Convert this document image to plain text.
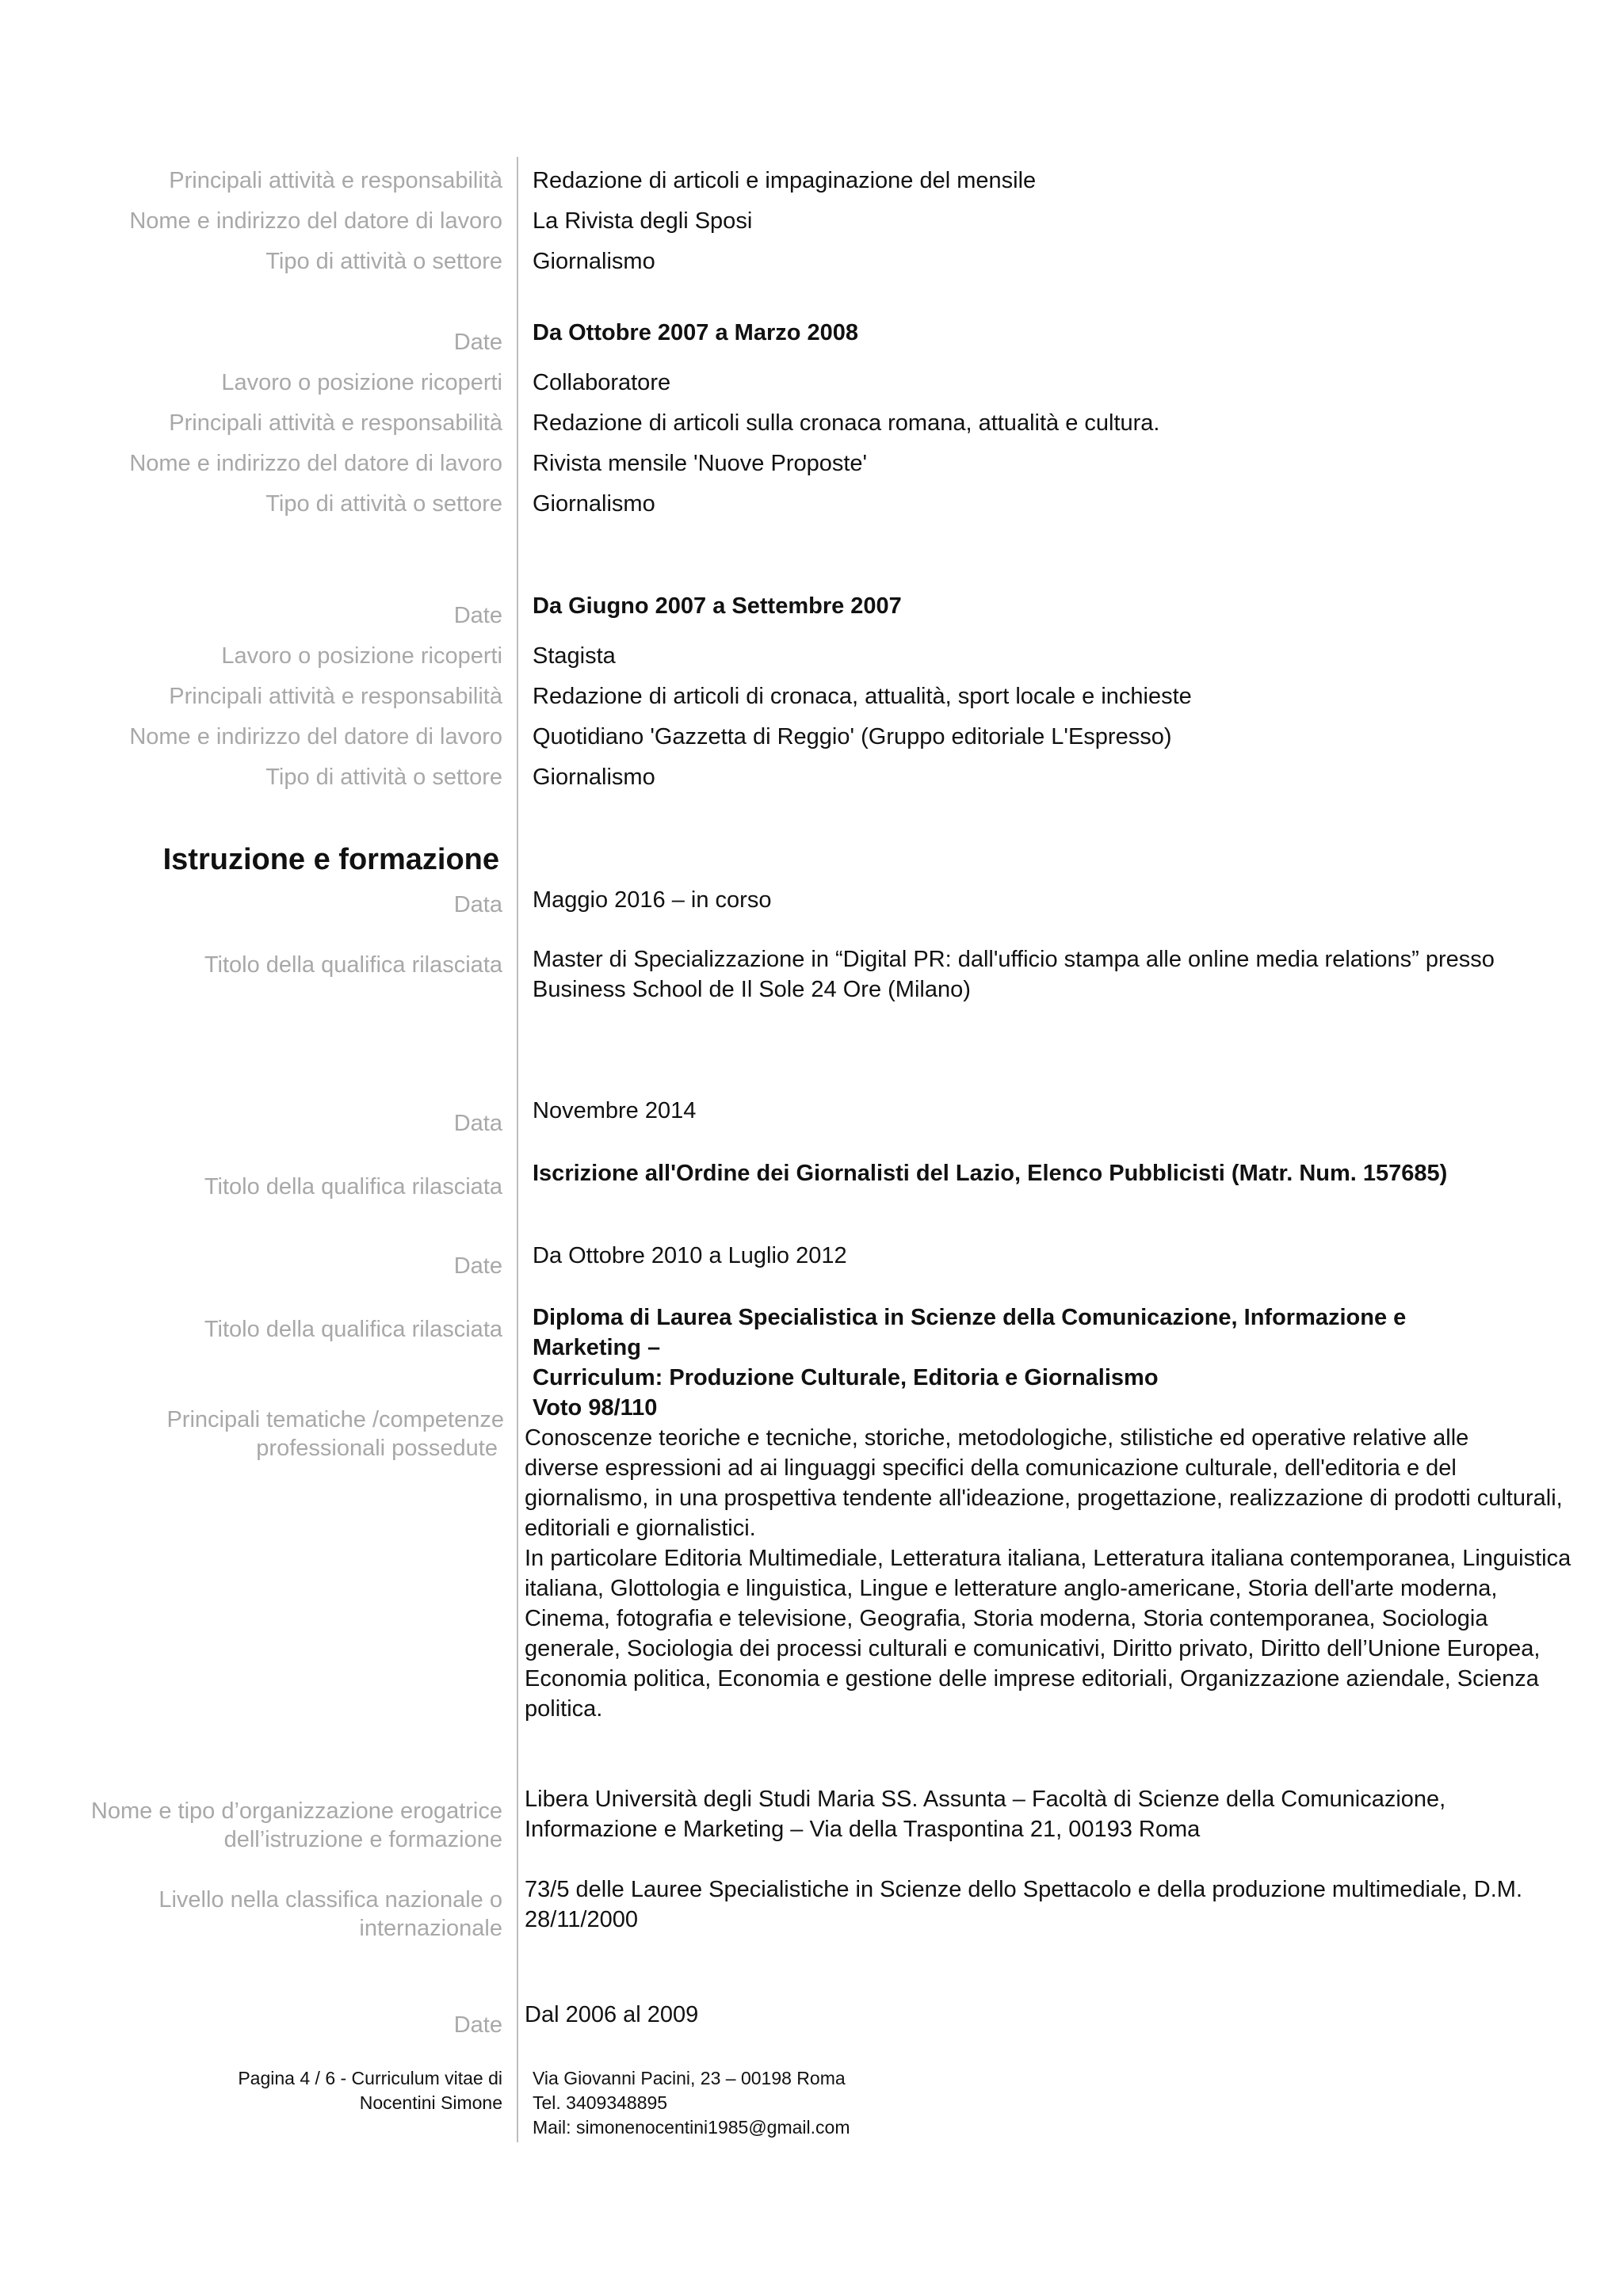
Principali attività e responsabilità Redazione di articoli e impaginazione del mensile
Nome e indirizzo del datore di lavoro La Rivista degli Sposi
Tipo di attività o settore Giornalismo
Date Da Ottobre 2007 a Marzo 2008
Lavoro o posizione ricoperti Collaboratore
Principali attività e responsabilità Redazione di articoli sulla cronaca romana, attualità e cultura.
Nome e indirizzo del datore di lavoro Rivista mensile 'Nuove Proposte'
Tipo di attività o settore Giornalismo
Date Da Giugno 2007 a Settembre 2007
Lavoro o posizione ricoperti Stagista
Principali attività e responsabilità Redazione di articoli di cronaca, attualità, sport locale e inchieste
Nome e indirizzo del datore di lavoro Quotidiano 'Gazzetta di Reggio' (Gruppo editoriale L'Espresso)
Tipo di attività o settore Giornalismo
Istruzione e formazione
Data Maggio 2016 – in corso
Titolo della qualifica rilasciata Master di Specializzazione in “Digital PR: dall'ufficio stampa alle online media relations” presso
Business School de Il Sole 24 Ore (Milano)
Data Novembre 2014
Titolo della qualifica rilasciata
Iscrizione all'Ordine dei Giornalisti del Lazio, Elenco Pubblicisti (Matr. Num. 157685)
Date Da Ottobre 2010 a Luglio 2012
Titolo della qualifica rilasciata Diploma di Laurea Specialistica in Scienze della Comunicazione, Informazione e Marketing –
Curriculum: Produzione Culturale, Editoria e Giornalismo
Voto 98/110
Principali tematiche /competenze
professionali possedute Conoscenze teoriche e tecniche, storiche, metodologiche, stilistiche ed operative relative alle
diverse espressioni ad ai linguaggi specifici della comunicazione culturale, dell'editoria e del
giornalismo, in una prospettiva tendente all'ideazione, progettazione, realizzazione di prodotti culturali,
editoriali e giornalistici.
In particolare Editoria Multimediale, Letteratura italiana, Letteratura italiana contemporanea, Linguistica
italiana, Glottologia e linguistica, Lingue e letterature anglo-americane, Storia dell'arte moderna,
Cinema, fotografia e televisione, Geografia, Storia moderna, Storia contemporanea, Sociologia
generale, Sociologia dei processi culturali e comunicativi, Diritto privato, Diritto dell’Unione Europea,
Economia politica, Economia e gestione delle imprese editoriali, Organizzazione aziendale, Scienza
politica.
Nome e tipo d’organizzazione erogatrice
dell’istruzione e formazione
Libera Università degli Studi Maria SS. Assunta – Facoltà di Scienze della Comunicazione,
Informazione e Marketing – Via della Traspontina 21, 00193 Roma
Livello nella classifica nazionale o
internazionale
73/5 delle Lauree Specialistiche in Scienze dello Spettacolo e della produzione multimediale, D.M.
28/11/2000
Date Dal 2006 al 2009
Pagina 4 / 6 - Curriculum vitae di
Nocentini Simone
Via Giovanni Pacini, 23 – 00198 Roma
Tel. 3409348895
Mail: simonenocentini1985@gmail.com
